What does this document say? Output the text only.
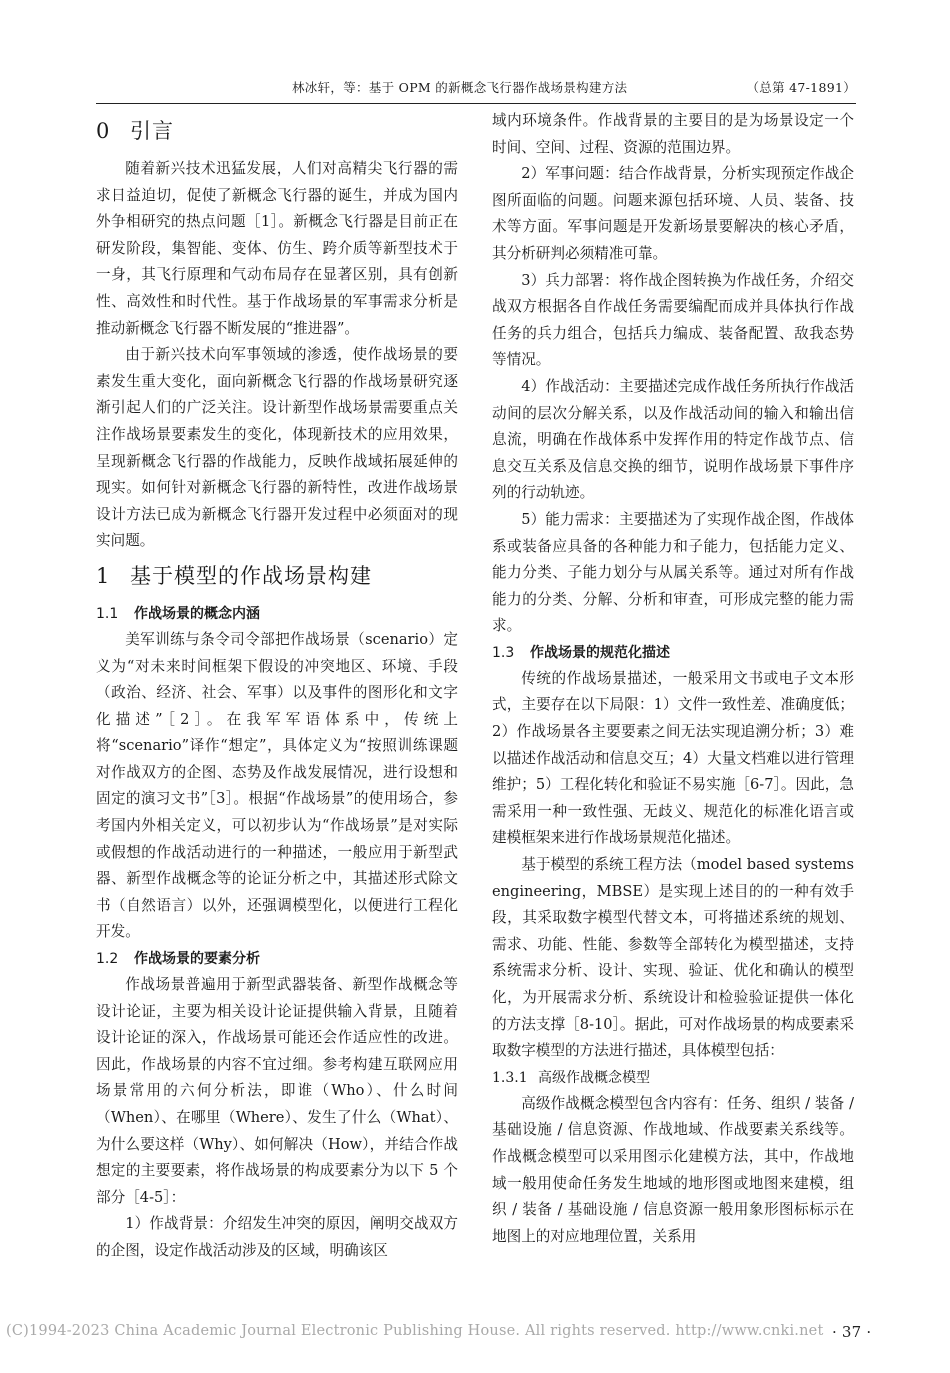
林冰轩，等：基于 OPM 的新概念飞行器作战场景构建方法	（总第 47-1891）
0 引言

随着新兴技术迅猛发展，人们对高精尖飞行器的需求日益迫切，促使了新概念飞行器的诞生，并成为国内外争相研究的热点问题［1］。新概念飞行器是目前正在研发阶段，集智能、变体、仿生、跨介质等新型技术于一身，其飞行原理和气动布局存在显著区别，具有创新性、高效性和时代性。基于作战场景的军事需求分析是推动新概念飞行器不断发展的“推进器”。

由于新兴技术向军事领域的渗透，使作战场景的要素发生重大变化，面向新概念飞行器的作战场景研究逐渐引起人们的广泛关注。设计新型作战场景需要重点关注作战场景要素发生的变化，体现新技术的应用效果，呈现新概念飞行器的作战能力，反映作战域拓展延伸的现实。如何针对新概念飞行器的新特性，改进作战场景设计方法已成为新概念飞行器开发过程中必须面对的现实问题。

1 基于模型的作战场景构建
1.1 作战场景的概念内涵

美军训练与条令司令部把作战场景（scenario）定义为“对未来时间框架下假设的冲突地区、环境、手段（政治、经济、社会、军事）以及事件的图形化和文字化描述”［2］。在我军军语体系中，传统上将“scenario”译作“想定”，具体定义为“按照训练课题对作战双方的企图、态势及作战发展情况，进行设想和固定的演习文书”［3］。根据“作战场景”的使用场合，参考国内外相关定义，可以初步认为“作战场景”是对实际或假想的作战活动进行的一种描述，一般应用于新型武器、新型作战概念等的论证分析之中，其描述形式除文书（自然语言）以外，还强调模型化，以便进行工程化开发。

1.2 作战场景的要素分析

作战场景普遍用于新型武器装备、新型作战概念等设计论证，主要为相关设计论证提供输入背景，且随着设计论证的深入，作战场景可能还会作适应性的改进。因此，作战场景的内容不宜过细。参考构建互联网应用场景常用的六何分析法，即谁（Who）、什么时间（When）、在哪里（Where）、发生了什么（What）、为什么要这样（Why）、如何解决（How），并结合作战想定的主要要素，将作战场景的构成要素分为以下 5 个部分［4-5］：

1）作战背景：介绍发生冲突的原因，阐明交战双方的企图，设定作战活动涉及的区域，明确该区

域内环境条件。作战背景的主要目的是为场景设定一个时间、空间、过程、资源的范围边界。

2）军事问题：结合作战背景，分析实现预定作战企图所面临的问题。问题来源包括环境、人员、装备、技术等方面。军事问题是开发新场景要解决的核心矛盾，其分析研判必须精准可靠。

3）兵力部署：将作战企图转换为作战任务，介绍交战双方根据各自作战任务需要编配而成并具体执行作战任务的兵力组合，包括兵力编成、装备配置、敌我态势等情况。

4）作战活动：主要描述完成作战任务所执行作战活动间的层次分解关系，以及作战活动间的输入和输出信息流，明确在作战体系中发挥作用的特定作战节点、信息交互关系及信息交换的细节，说明作战场景下事件序列的行动轨迹。

5）能力需求：主要描述为了实现作战企图，作战体系或装备应具备的各种能力和子能力，包括能力定义、能力分类、子能力划分与从属关系等。通过对所有作战能力的分类、分解、分析和审查，可形成完整的能力需求。

1.3 作战场景的规范化描述

传统的作战场景描述，一般采用文书或电子文本形式，主要存在以下局限：1）文件一致性差、准确度低；2）作战场景各主要要素之间无法实现追溯分析；3）难以描述作战活动和信息交互；4）大量文档难以进行管理维护；5）工程化转化和验证不易实施［6-7］。因此，急需采用一种一致性强、无歧义、规范化的标准化语言或建模框架来进行作战场景规范化描述。

基于模型的系统工程方法（model based systems engineering，MBSE）是实现上述目的的一种有效手段，其采取数字模型代替文本，可将描述系统的规划、需求、功能、性能、参数等全部转化为模型描述，支持系统需求分析、设计、实现、验证、优化和确认的模型化，为开展需求分析、系统设计和检验验证提供一体化的方法支撑［8-10］。据此，可对作战场景的构成要素采取数字模型的方法进行描述，具体模型包括：

1.3.1 高级作战概念模型

高级作战概念模型包含内容有：任务、组织 / 装备 / 基础设施 / 信息资源、作战地域、作战要素关系线等。作战概念模型可以采用图示化建模方法，其中，作战地域一般用使命任务发生地域的地形图或地图来建模，组织 / 装备 / 基础设施 / 信息资源一般用象形图标标示在地图上的对应地理位置，关系用

(C)1994-2023 China Academic Journal Electronic Publishing House. All rights reserved. http://www.cnki.net · 37 ·
